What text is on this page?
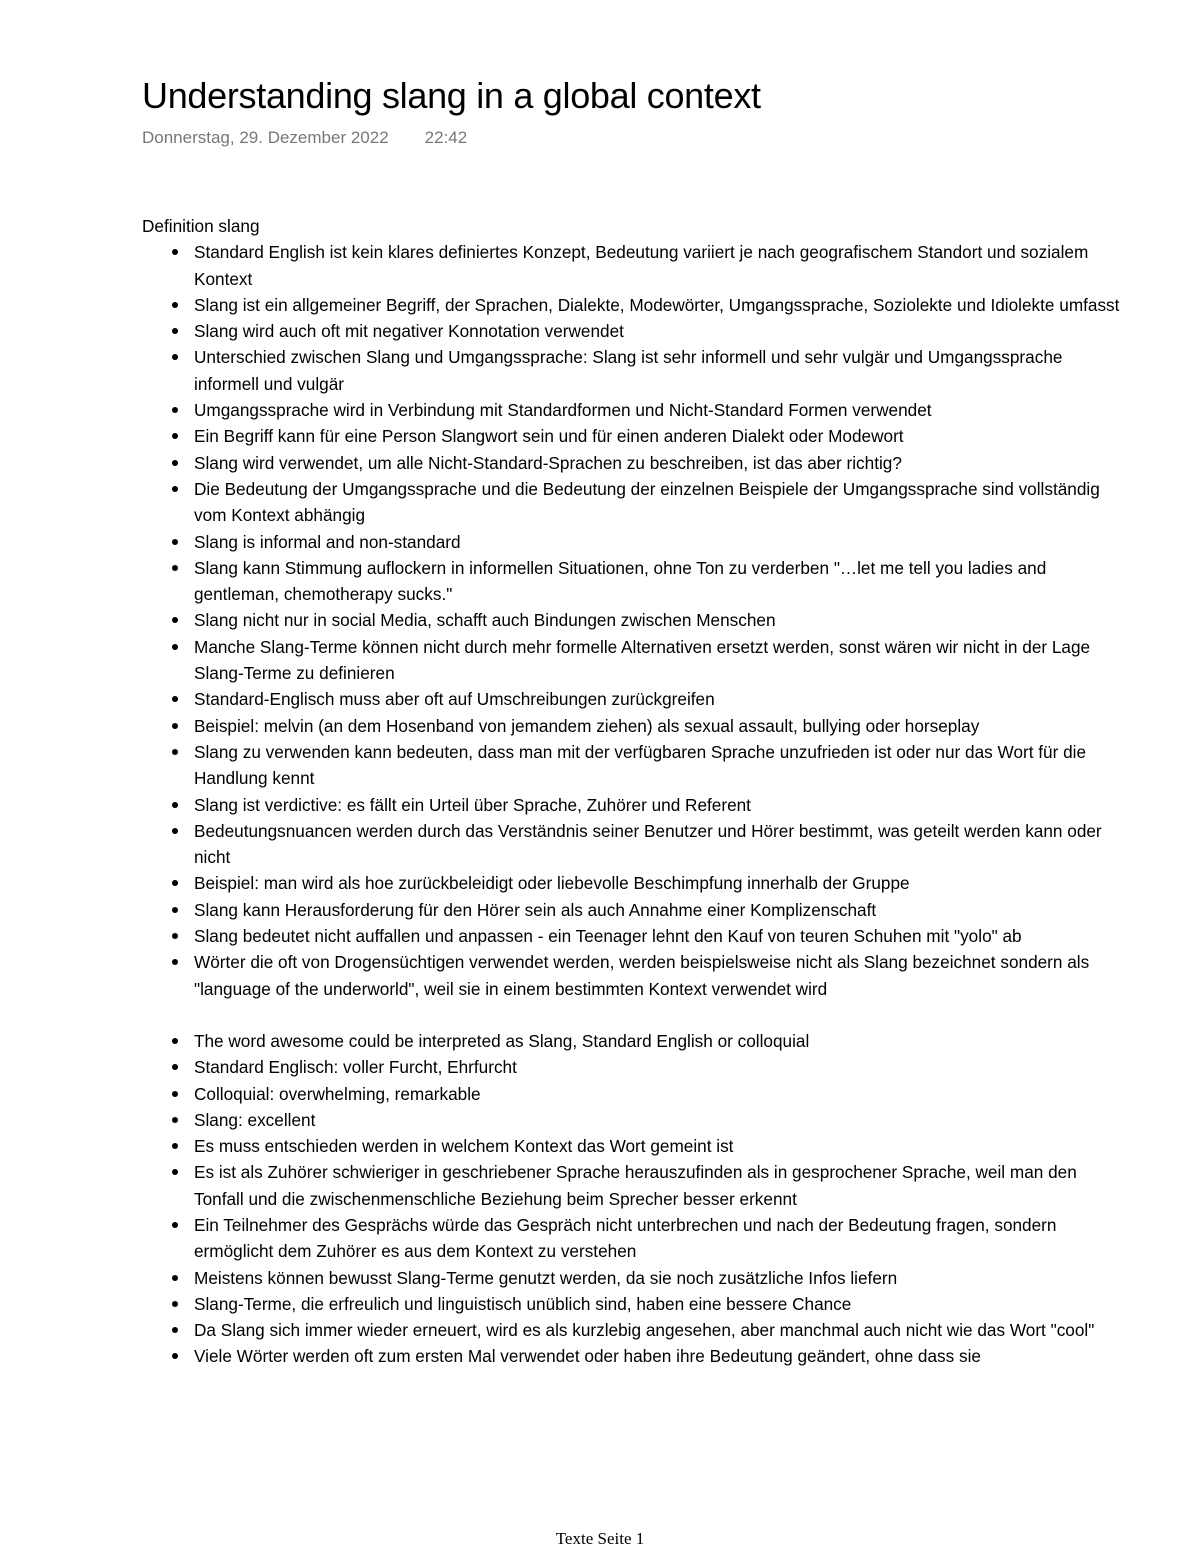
Understanding slang in a global context
Donnerstag, 29. Dezember 2022 22:42
Definition slang
Standard English ist kein klares definiertes Konzept, Bedeutung variiert je nach geografischem Standort und sozialem Kontext
Slang ist ein allgemeiner Begriff, der Sprachen, Dialekte, Modewörter, Umgangssprache, Soziolekte und Idiolekte umfasst
Slang wird auch oft mit negativer Konnotation verwendet
Unterschied zwischen Slang und Umgangssprache: Slang ist sehr informell und sehr vulgär und Umgangssprache informell und vulgär
Umgangssprache wird in Verbindung mit Standardformen und Nicht-Standard Formen verwendet
Ein Begriff kann für eine Person Slangwort sein und für einen anderen Dialekt oder Modewort
Slang wird verwendet, um alle Nicht-Standard-Sprachen zu beschreiben, ist das aber richtig?
Die Bedeutung der Umgangssprache und die Bedeutung der einzelnen Beispiele der Umgangssprache sind vollständig vom Kontext abhängig
Slang is informal and non-standard
Slang kann Stimmung auflockern in informellen Situationen, ohne Ton zu verderben "…let me tell you ladies and gentleman, chemotherapy sucks."
Slang nicht nur in social Media, schafft auch Bindungen zwischen Menschen
Manche Slang-Terme können nicht durch mehr formelle Alternativen ersetzt werden, sonst wären wir nicht in der Lage Slang-Terme zu definieren
Standard-Englisch muss aber oft auf Umschreibungen zurückgreifen
Beispiel: melvin (an dem Hosenband von jemandem ziehen) als sexual assault, bullying oder horseplay
Slang zu verwenden kann bedeuten, dass man mit der verfügbaren Sprache unzufrieden ist oder nur das Wort für die Handlung kennt
Slang ist verdictive: es fällt ein Urteil über Sprache, Zuhörer und Referent
Bedeutungsnuancen werden durch das Verständnis seiner Benutzer und Hörer bestimmt, was geteilt werden kann oder nicht
Beispiel: man wird als hoe zurückbeleidigt oder liebevolle Beschimpfung innerhalb der Gruppe
Slang kann Herausforderung für den Hörer sein als auch Annahme einer Komplizenschaft
Slang bedeutet nicht auffallen und anpassen - ein Teenager lehnt den Kauf von teuren Schuhen mit "yolo" ab
Wörter die oft von Drogensüchtigen verwendet werden, werden beispielsweise nicht als Slang bezeichnet sondern als "language of the underworld", weil sie in einem bestimmten Kontext verwendet wird
The word awesome could be interpreted as Slang, Standard English or colloquial
Standard Englisch: voller Furcht, Ehrfurcht
Colloquial: overwhelming, remarkable
Slang: excellent
Es muss entschieden werden in welchem Kontext das Wort gemeint ist
Es ist als Zuhörer schwieriger in geschriebener Sprache herauszufinden als in gesprochener Sprache, weil man den Tonfall und die zwischenmenschliche Beziehung beim Sprecher besser erkennt
Ein Teilnehmer des Gesprächs würde das Gespräch nicht unterbrechen und nach der Bedeutung fragen, sondern ermöglicht dem Zuhörer es aus dem Kontext zu verstehen
Meistens können bewusst Slang-Terme genutzt werden, da sie noch zusätzliche Infos liefern
Slang-Terme, die erfreulich und linguistisch unüblich sind, haben eine bessere Chance
Da Slang sich immer wieder erneuert, wird es als kurzlebig angesehen, aber manchmal auch nicht wie das Wort "cool"
Viele Wörter werden oft zum ersten Mal verwendet oder haben ihre Bedeutung geändert, ohne dass sie
Texte Seite 1
